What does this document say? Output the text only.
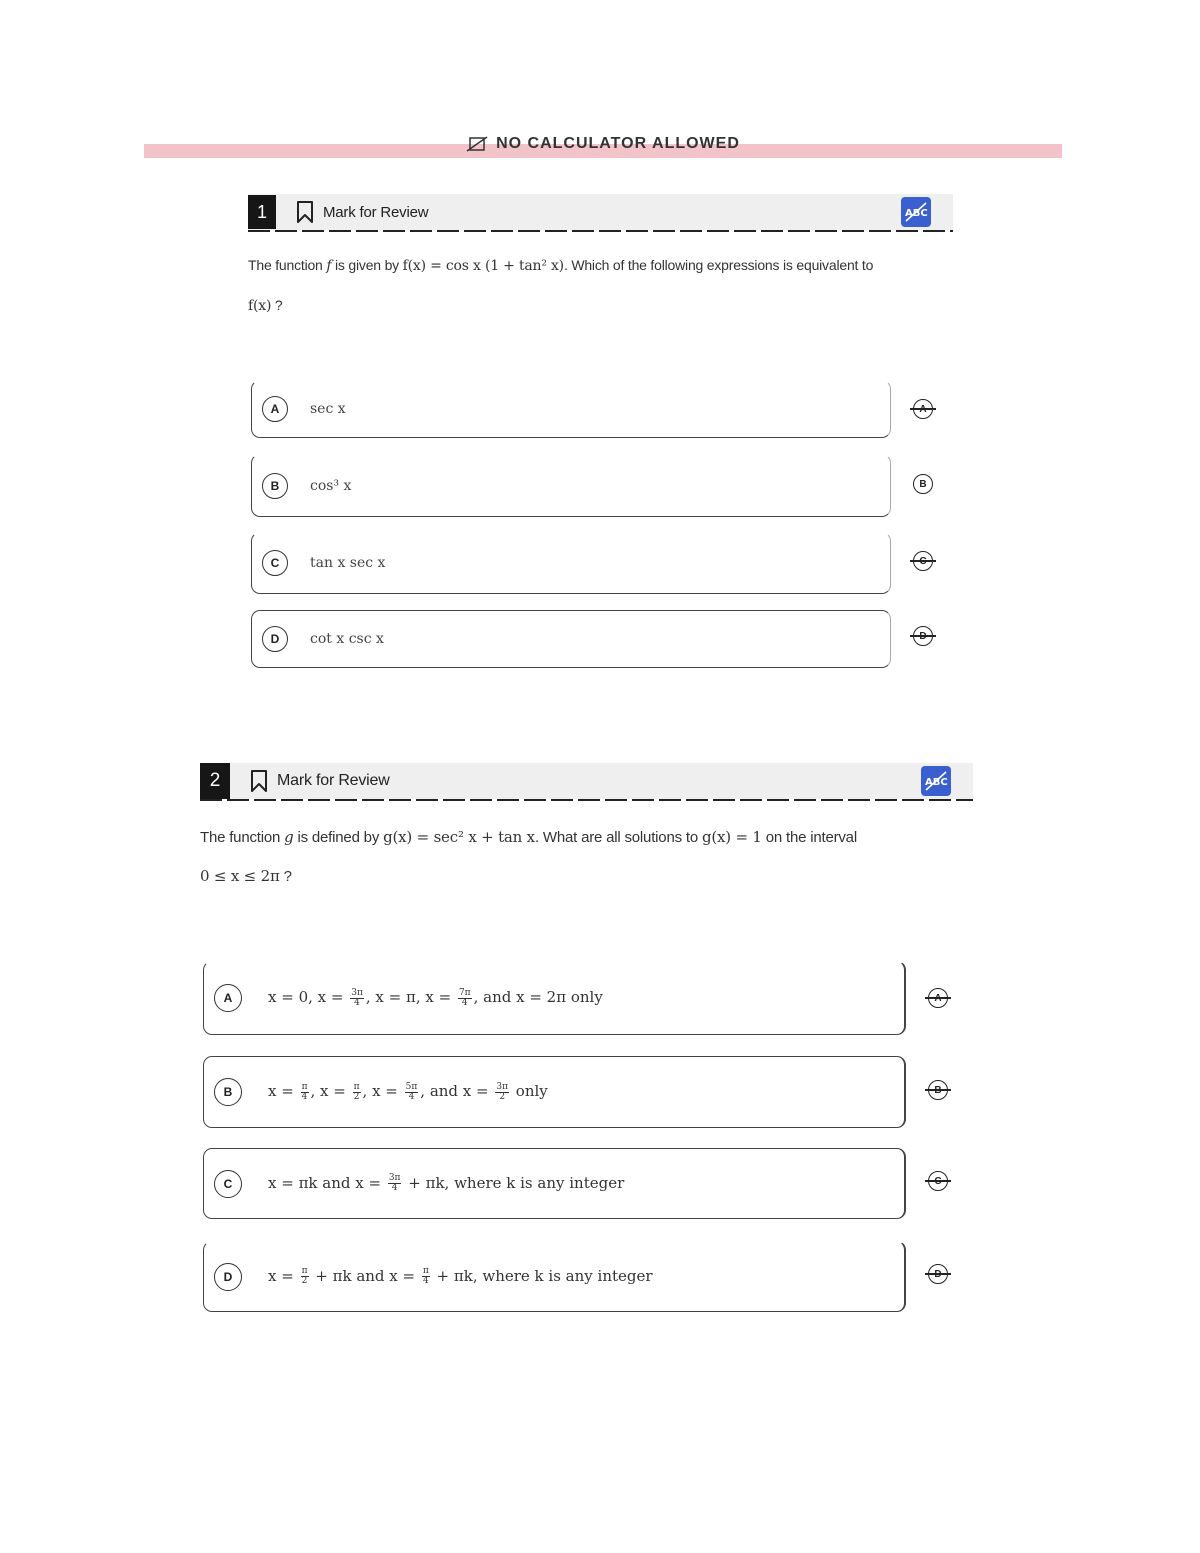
NO CALCULATOR ALLOWED
1	Mark for Review	ABC
The function f is given by f(x) = cos x (1 + tan² x). Which of the following expressions is equivalent to
f(x) ?
A	sec x
B	cos³ x	B
C	tan x sec x
D	cot x csc x
2	Mark for Review	ABC
The function g is defined by g(x) = sec² x + tan x. What are all solutions to g(x) = 1 on the interval
0 ≤ x ≤ 2π ?
A	x = 0, $x = \frac{3\pi}{4}$ , x = π, $x = \frac{7\pi}{4}$ , and x = 2π only
B	$x = \frac{\pi}{4}$ , $x = \frac{\pi}{2}$ , $x = \frac{5\pi}{4}$ , and $x = \frac{3\pi}{2}$ only
C	x = πk and $x = \frac{3\pi}{4} + \pi k$, where k is any integer
D	$x = \frac{\pi}{2} + \pi k$ and $x = \frac{\pi}{4} + \pi k$, where k is any integer
